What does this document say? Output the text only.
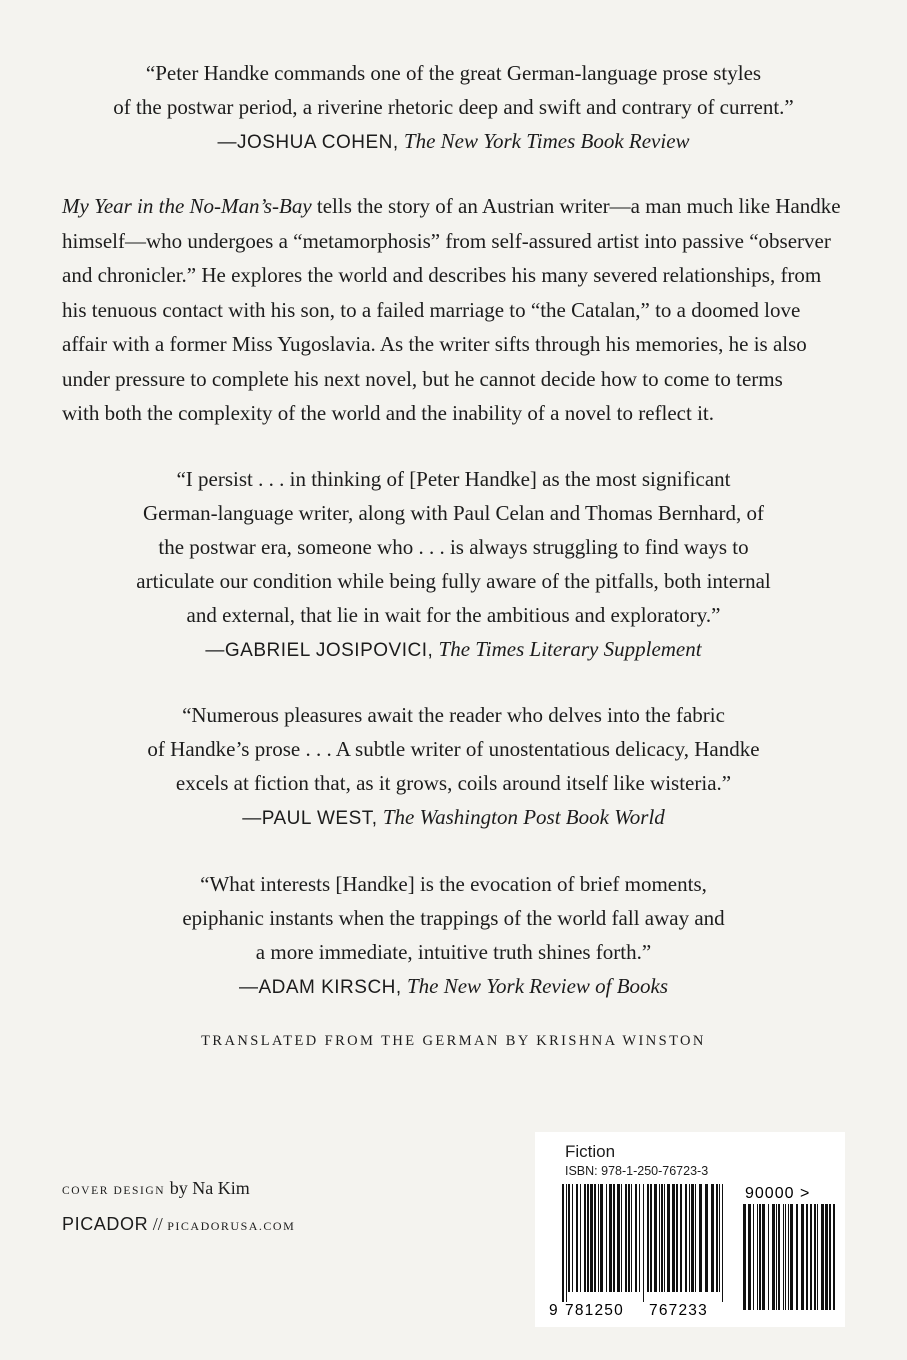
“Peter Handke commands one of the great German-language prose styles

of the postwar period, a riverine rhetoric deep and swift and contrary of current.”

—JOSHUA COHEN, The New York Times Book Review

My Year in the No-Man’s-Bay tells the story of an Austrian writer—a man much like Handke

himself—who undergoes a “metamorphosis” from self-assured artist into passive “observer

and chronicler.” He explores the world and describes his many severed relationships, from

his tenuous contact with his son, to a failed marriage to “the Catalan,” to a doomed love

affair with a former Miss Yugoslavia. As the writer sifts through his memories, he is also

under pressure to complete his next novel, but he cannot decide how to come to terms

with both the complexity of the world and the inability of a novel to reflect it.

“I persist . . . in thinking of [Peter Handke] as the most significant

German-language writer, along with Paul Celan and Thomas Bernhard, of

the postwar era, someone who . . . is always struggling to find ways to

articulate our condition while being fully aware of the pitfalls, both internal

and external, that lie in wait for the ambitious and exploratory.”

—GABRIEL JOSIPOVICI, The Times Literary Supplement

“Numerous pleasures await the reader who delves into the fabric

of Handke’s prose . . . A subtle writer of unostentatious delicacy, Handke

excels at fiction that, as it grows, coils around itself like wisteria.”

—PAUL WEST, The Washington Post Book World

“What interests [Handke] is the evocation of brief moments,

epiphanic instants when the trappings of the world fall away and

a more immediate, intuitive truth shines forth.”

—ADAM KIRSCH, The New York Review of Books

TRANSLATED FROM THE GERMAN BY KRISHNA WINSTON
COVER DESIGN by Na Kim
PICADOR // PICADORUSA.COM
Fiction
ISBN: 978-1-250-76723-3
9 781250 767233
90000 >
